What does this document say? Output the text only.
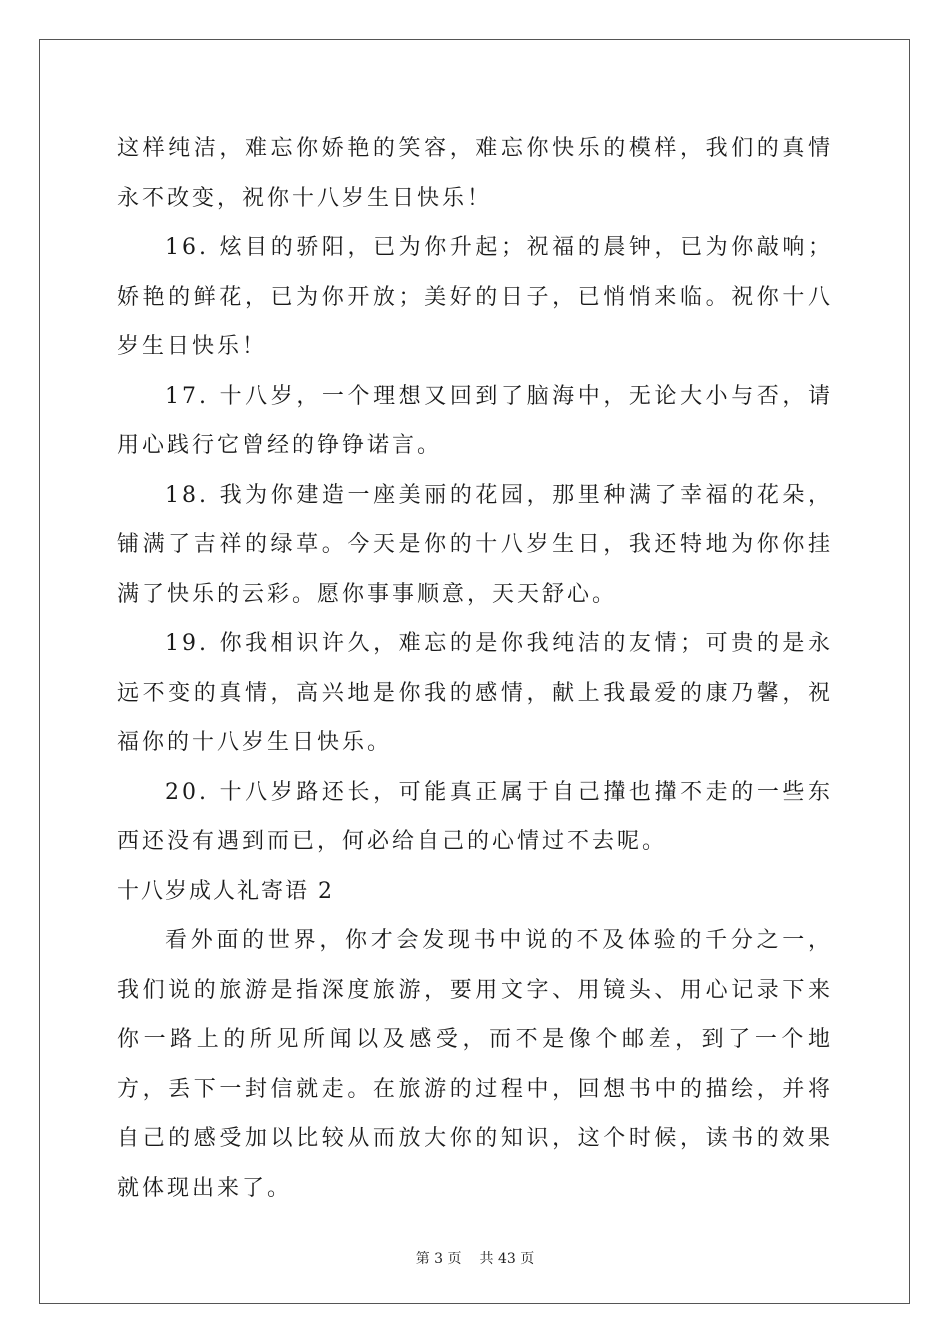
这样纯洁，难忘你娇艳的笑容，难忘你快乐的模样，我们的真情永不改变，祝你十八岁生日快乐！

16. 炫目的骄阳，已为你升起；祝福的晨钟，已为你敲响；娇艳的鲜花，已为你开放；美好的日子，已悄悄来临。祝你十八岁生日快乐！

17. 十八岁，一个理想又回到了脑海中，无论大小与否，请用心践行它曾经的铮铮诺言。

18. 我为你建造一座美丽的花园，那里种满了幸福的花朵，铺满了吉祥的绿草。今天是你的十八岁生日，我还特地为你你挂满了快乐的云彩。愿你事事顺意，天天舒心。

19. 你我相识许久，难忘的是你我纯洁的友情；可贵的是永远不变的真情，高兴地是你我的感情，献上我最爱的康乃馨，祝福你的十八岁生日快乐。

20. 十八岁路还长，可能真正属于自己攆也攆不走的一些东西还没有遇到而已，何必给自己的心情过不去呢。

十八岁成人礼寄语 2

看外面的世界，你才会发现书中说的不及体验的千分之一，我们说的旅游是指深度旅游，要用文字、用镜头、用心记录下来你一路上的所见所闻以及感受，而不是像个邮差，到了一个地方，丢下一封信就走。在旅游的过程中，回想书中的描绘，并将自己的感受加以比较从而放大你的知识，这个时候，读书的效果就体现出来了。

第 3 页 共 43 页
